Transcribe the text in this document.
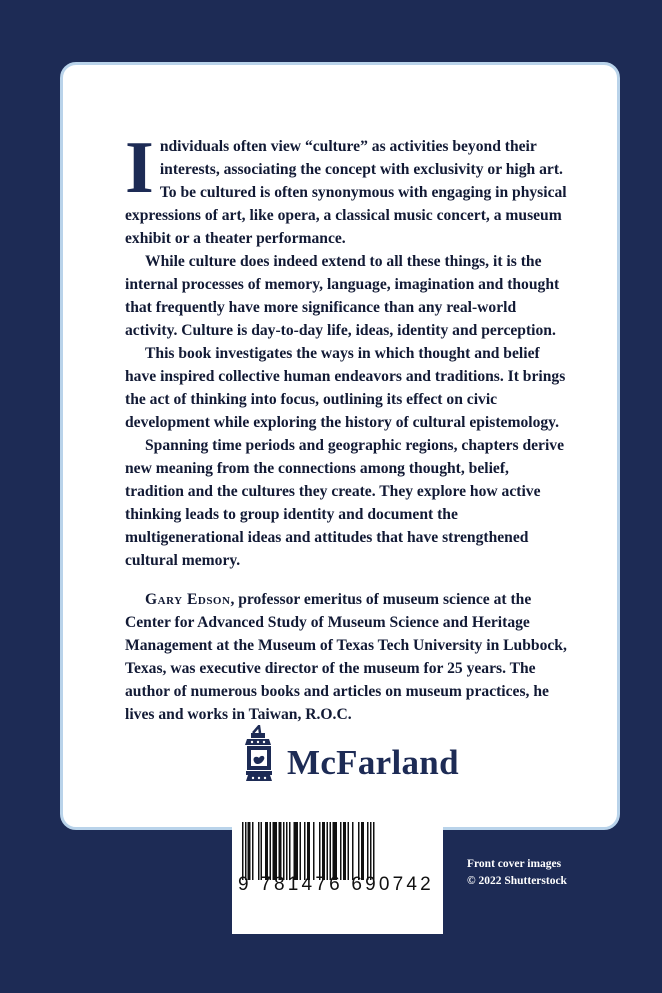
Individuals often view “culture” as activities beyond their interests, associating the concept with exclusivity or high art. To be cultured is often synonymous with engaging in physical expressions of art, like opera, a classical music concert, a museum exhibit or a theater performance.

While culture does indeed extend to all these things, it is the internal processes of memory, language, imagination and thought that frequently have more significance than any real-world activity. Culture is day-to-day life, ideas, identity and perception.

This book investigates the ways in which thought and belief have inspired collective human endeavors and traditions. It brings the act of thinking into focus, outlining its effect on civic development while exploring the history of cultural epistemology.

Spanning time periods and geographic regions, chapters derive new meaning from the connections among thought, belief, tradition and the cultures they create. They explore how active thinking leads to group identity and document the multigenerational ideas and attitudes that have strengthened cultural memory.

Gary Edson, professor emeritus of museum science at the Center for Advanced Study of Museum Science and Heritage Management at the Museum of Texas Tech University in Lubbock, Texas, was executive director of the museum for 25 years. The author of numerous books and articles on museum practices, he lives and works in Taiwan, R.O.C.

McFarland
9 781476 690742
Front cover images
© 2022 Shutterstock
